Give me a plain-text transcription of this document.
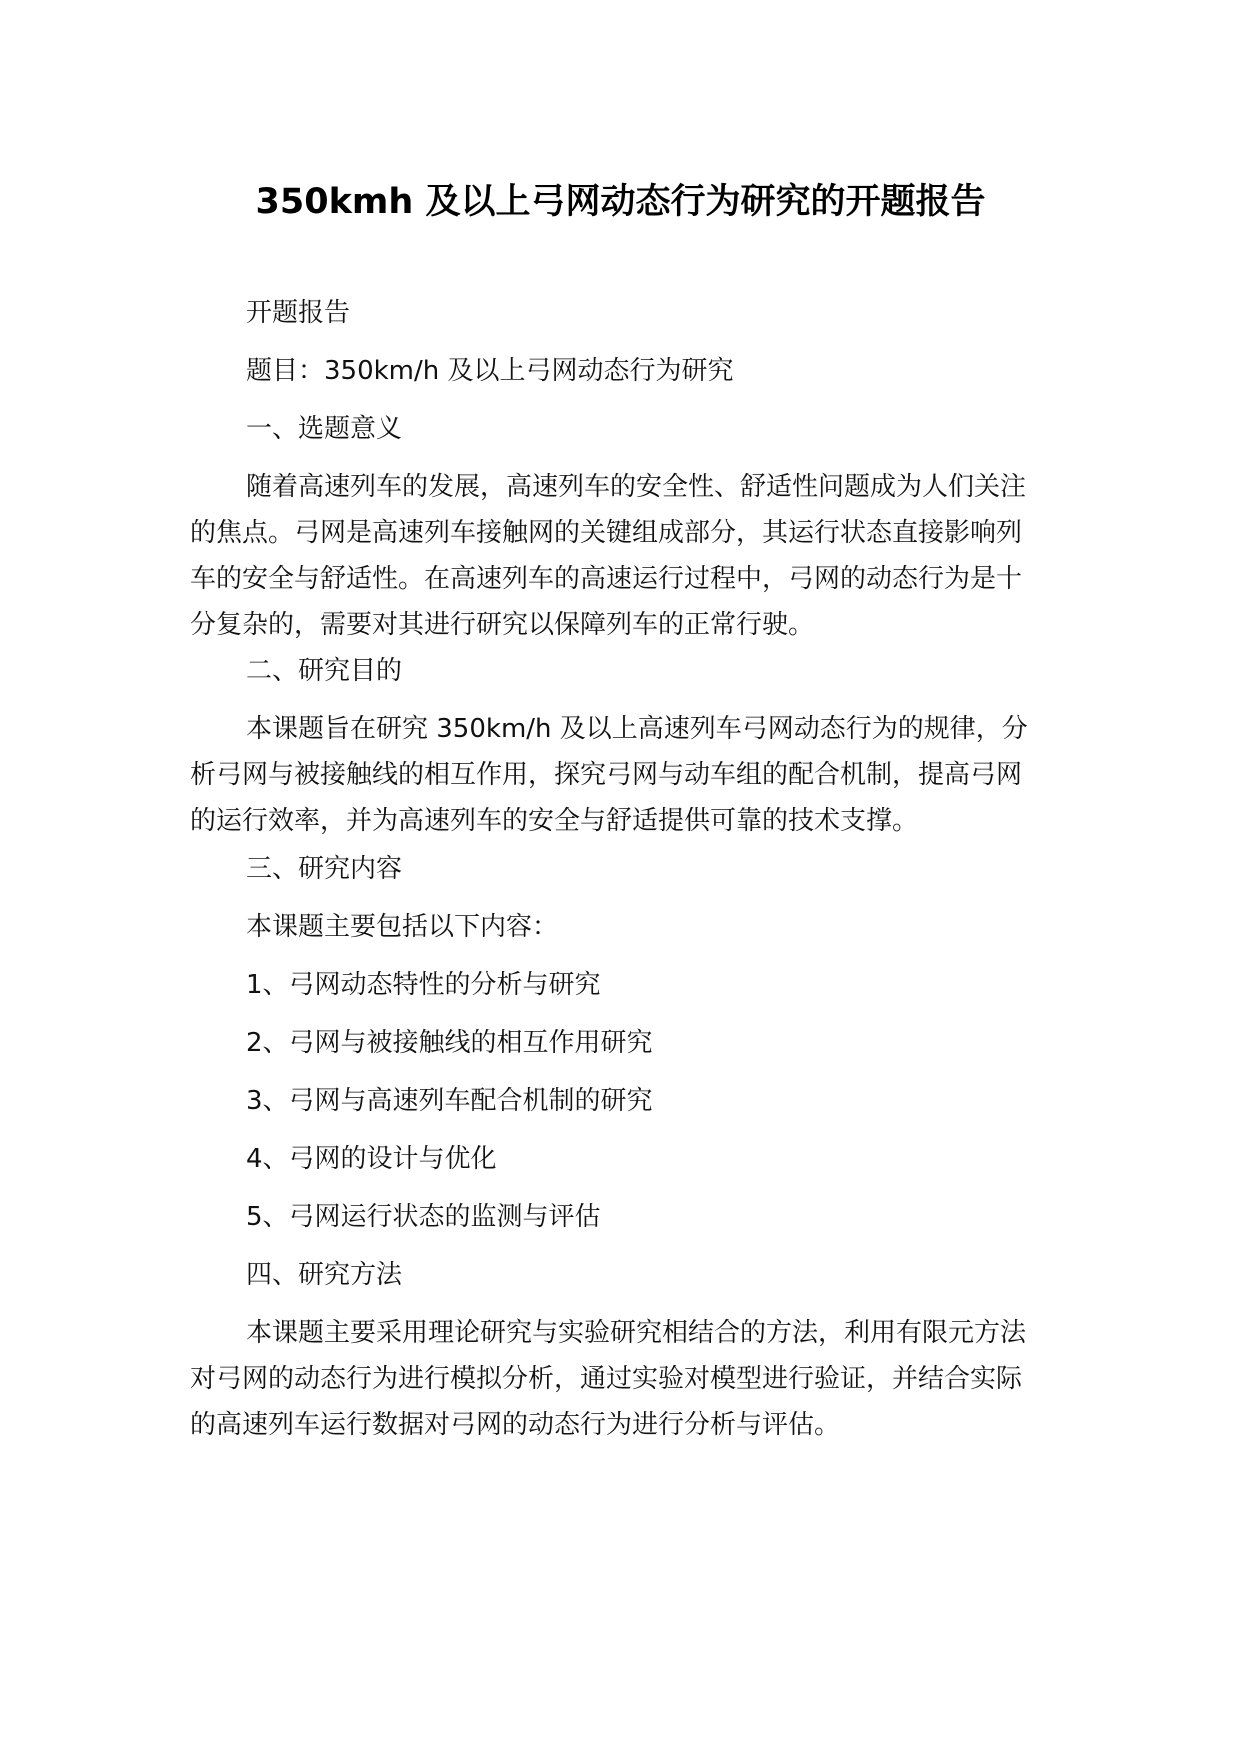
350kmh 及以上弓网动态行为研究的开题报告

开题报告

题目：350km/h 及以上弓网动态行为研究

一、选题意义

随着高速列车的发展，高速列车的安全性、舒适性问题成为人们关注的焦点。弓网是高速列车接触网的关键组成部分，其运行状态直接影响列车的安全与舒适性。在高速列车的高速运行过程中，弓网的动态行为是十分复杂的，需要对其进行研究以保障列车的正常行驶。

二、研究目的

本课题旨在研究 350km/h 及以上高速列车弓网动态行为的规律，分析弓网与被接触线的相互作用，探究弓网与动车组的配合机制，提高弓网的运行效率，并为高速列车的安全与舒适提供可靠的技术支撑。

三、研究内容

本课题主要包括以下内容：

1、弓网动态特性的分析与研究

2、弓网与被接触线的相互作用研究

3、弓网与高速列车配合机制的研究

4、弓网的设计与优化

5、弓网运行状态的监测与评估

四、研究方法

本课题主要采用理论研究与实验研究相结合的方法，利用有限元方法对弓网的动态行为进行模拟分析，通过实验对模型进行验证，并结合实际的高速列车运行数据对弓网的动态行为进行分析与评估。
